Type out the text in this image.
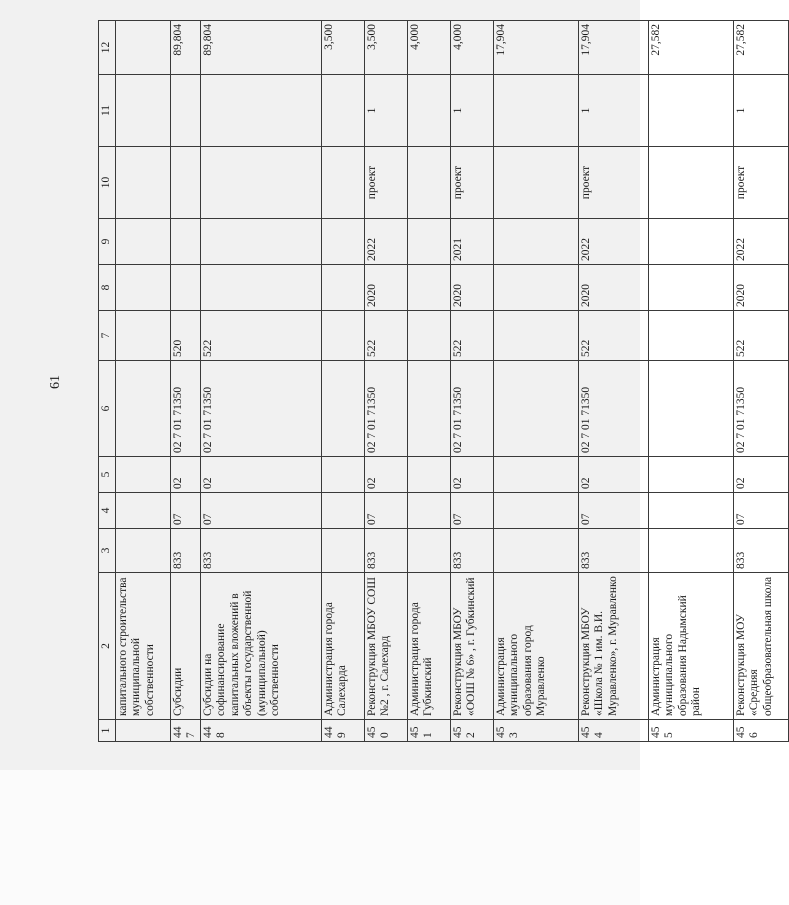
61
1	2	3	4	5	6	7	8	9	10	11	12
	капитального строительства муниципальной собственности										
447	Субсидии	833	07	02	02 7 01 71350	520					89,804
448	Субсидии на софинансирование капитальных вложений в объекты государственной (муниципальной) собственности	833	07	02	02 7 01 71350	522					89,804
449	Администрация города Салехарда										3,500
450	Реконструкция МБОУ СОШ №2 , г. Салехард	833	07	02	02 7 01 71350	522	2020	2022	проект	1	3,500
451	Администрация города Губкинский										4,000
452	Реконструкция МБОУ «ООШ № 6» , г. Губкинский	833	07	02	02 7 01 71350	522	2020	2021	проект	1	4,000
453	Администрация муниципального образования город Муравленко										17,904
454	Реконструкция МБОУ «Школа № 1 им. В.И. Муравленко», г. Муравленко	833	07	02	02 7 01 71350	522	2020	2022	проект	1	17,904
455	Администрация муниципального образования Надымский район										27,582
456	Реконструкция МОУ «Средняя общеобразовательная школа	833	07	02	02 7 01 71350	522	2020	2022	проект	1	27,582
